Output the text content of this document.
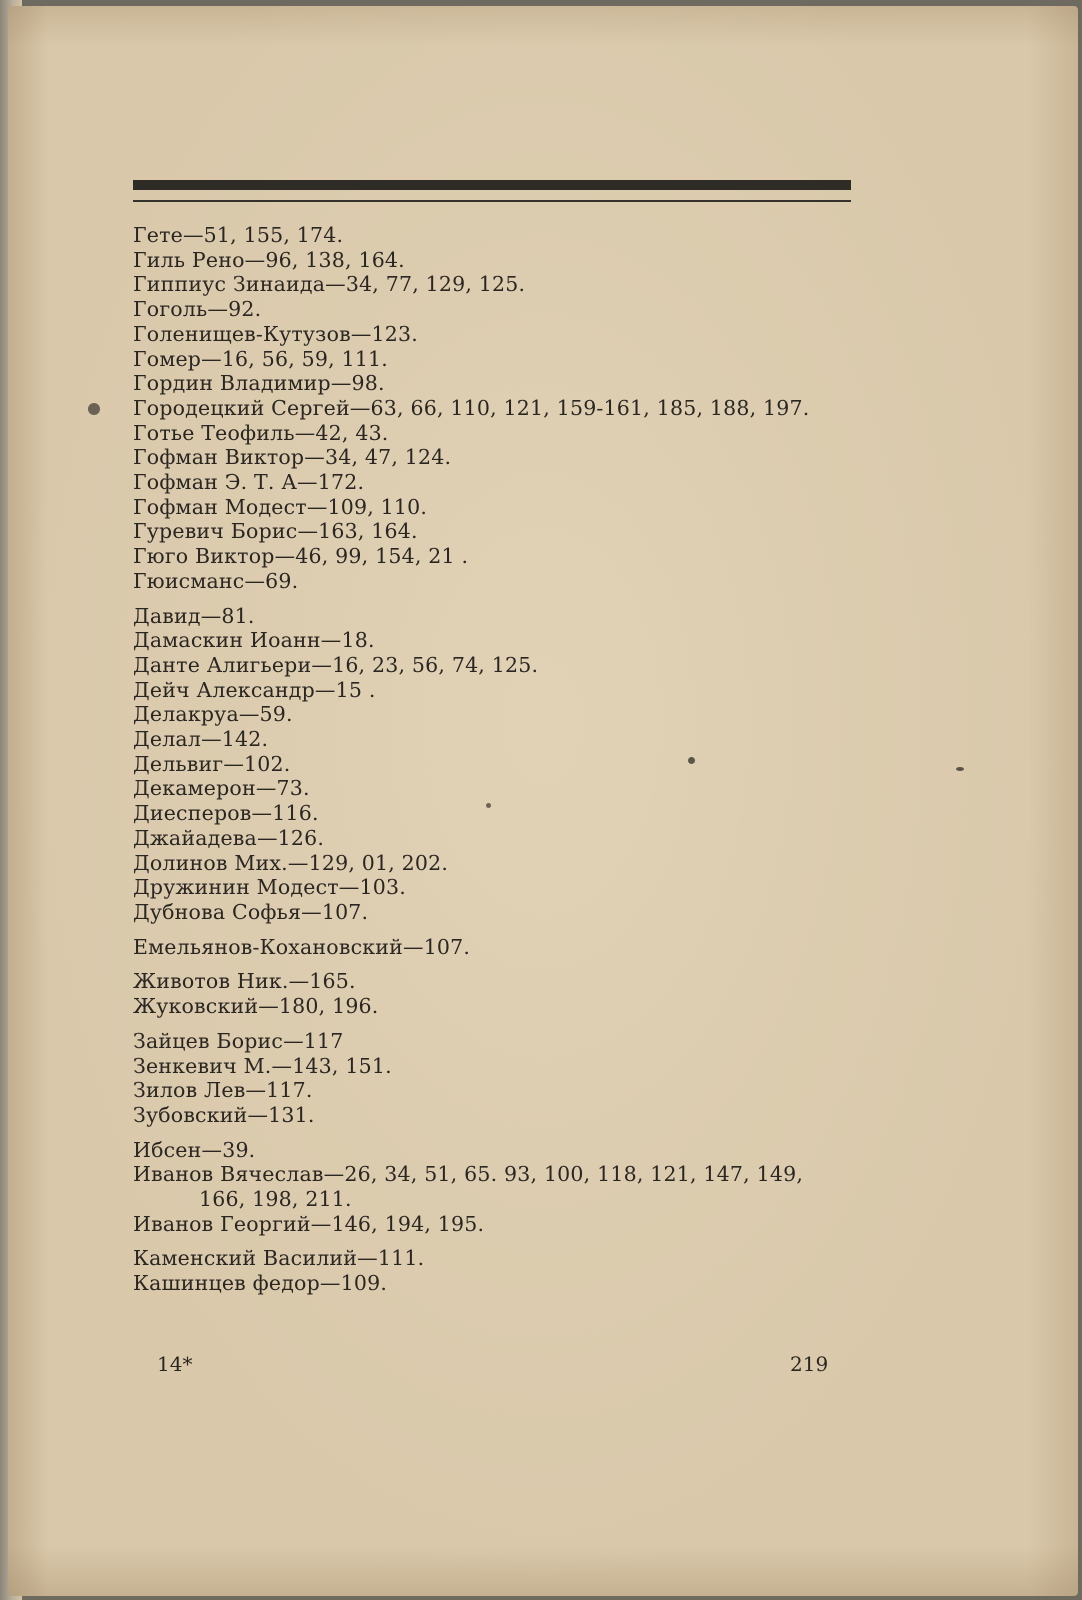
Гете—51, 155, 174.
Гиль Рено—96, 138, 164.
Гиппиус Зинаида—34, 77, 129, 125.
Гоголь—92.
Голенищев-Кутузов—123.
Гомер—16, 56, 59, 111.
Гордин Владимир—98.
Городецкий Сергей—63, 66, 110, 121, 159-161, 185, 188, 197.
Готье Теофиль—42, 43.
Гофман Виктор—34, 47, 124.
Гофман Э. Т. А—172.
Гофман Модест—109, 110.
Гуревич Борис—163, 164.
Гюго Виктор—46, 99, 154, 21 .
Гюисманс—69.
Давид—81.
Дамаскин Иоанн—18.
Данте Алигьери—16, 23, 56, 74, 125.
Дейч Александр—15 .
Делакруа—59.
Делал—142.
Дельвиг—102.
Декамерон—73.
Диесперов—116.
Джайадева—126.
Долинов Мих.—129, 01, 202.
Дружинин Модест—103.
Дубнова Софья—107.
Емельянов-Кохановский—107.
Животов Ник.—165.
Жуковский—180, 196.
Зайцев Борис—117
Зенкевич М.—143, 151.
Зилов Лев—117.
Зубовский—131.
Ибсен—39.
Иванов Вячеслав—26, 34, 51, 65. 93, 100, 118, 121, 147, 149,
166, 198, 211.
Иванов Георгий—146, 194, 195.
Каменский Василий—111.
Кашинцев федор—109.
14*	219
